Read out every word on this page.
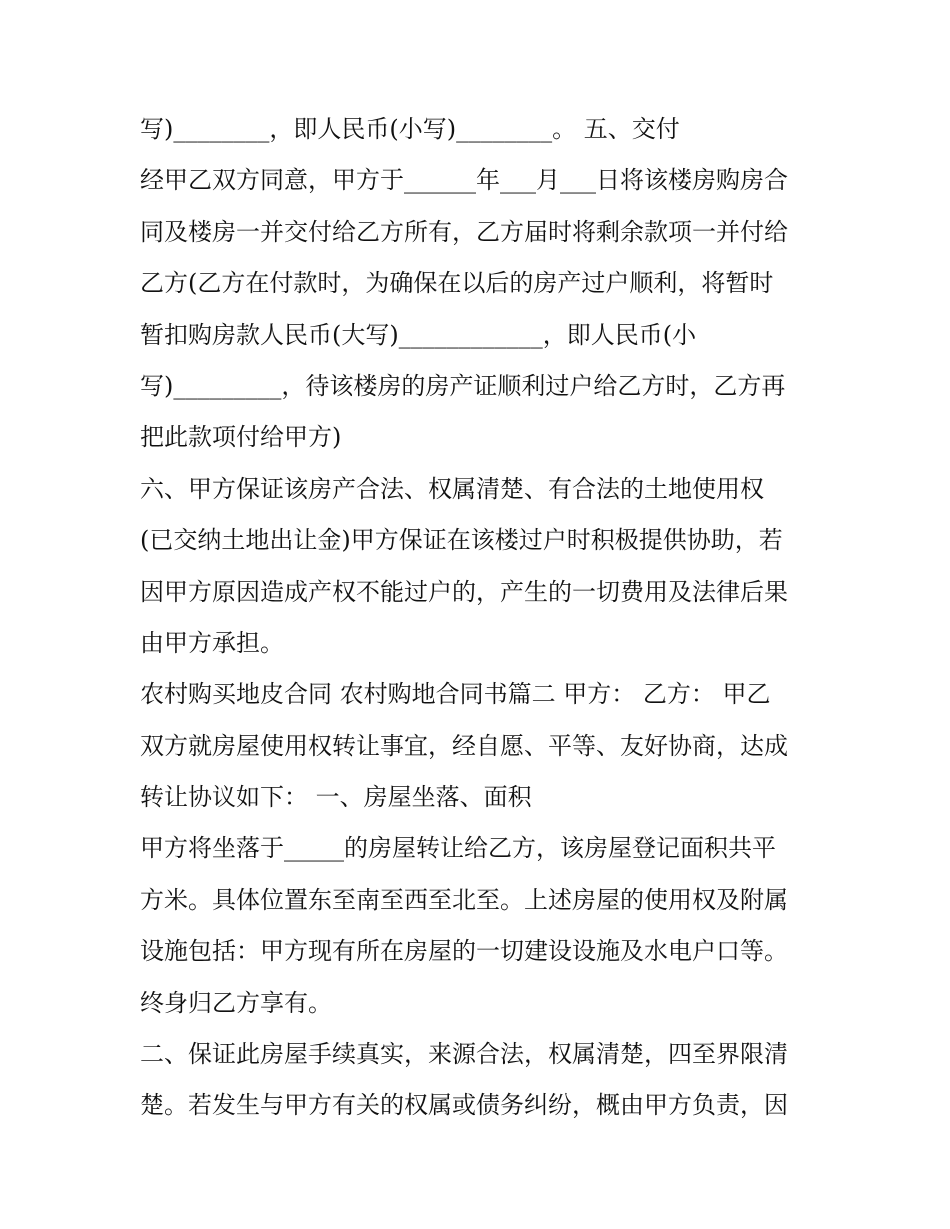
写)________，即人民币(小写)________。 五、交付
经甲乙双方同意，甲方于______年___月___日将该楼房购房合
同及楼房一并交付给乙方所有，乙方届时将剩余款项一并付给
乙方(乙方在付款时，为确保在以后的房产过户顺利，将暂时
暂扣购房款人民币(大写)____________，即人民币(小
写)_________，待该楼房的房产证顺利过户给乙方时，乙方再
把此款项付给甲方)
六、甲方保证该房产合法、权属清楚、有合法的土地使用权
(已交纳土地出让金)甲方保证在该楼过户时积极提供协助，若
因甲方原因造成产权不能过户的，产生的一切费用及法律后果
由甲方承担。
农村购买地皮合同 农村购地合同书篇二 甲方： 乙方： 甲乙
双方就房屋使用权转让事宜，经自愿、平等、友好协商，达成
转让协议如下： 一、房屋坐落、面积
甲方将坐落于_____的房屋转让给乙方，该房屋登记面积共平
方米。具体位置东至南至西至北至。上述房屋的使用权及附属
设施包括：甲方现有所在房屋的一切建设设施及水电户口等。
终身归乙方享有。
二、保证此房屋手续真实，来源合法，权属清楚，四至界限清
楚。若发生与甲方有关的权属或债务纠纷，概由甲方负责，因
